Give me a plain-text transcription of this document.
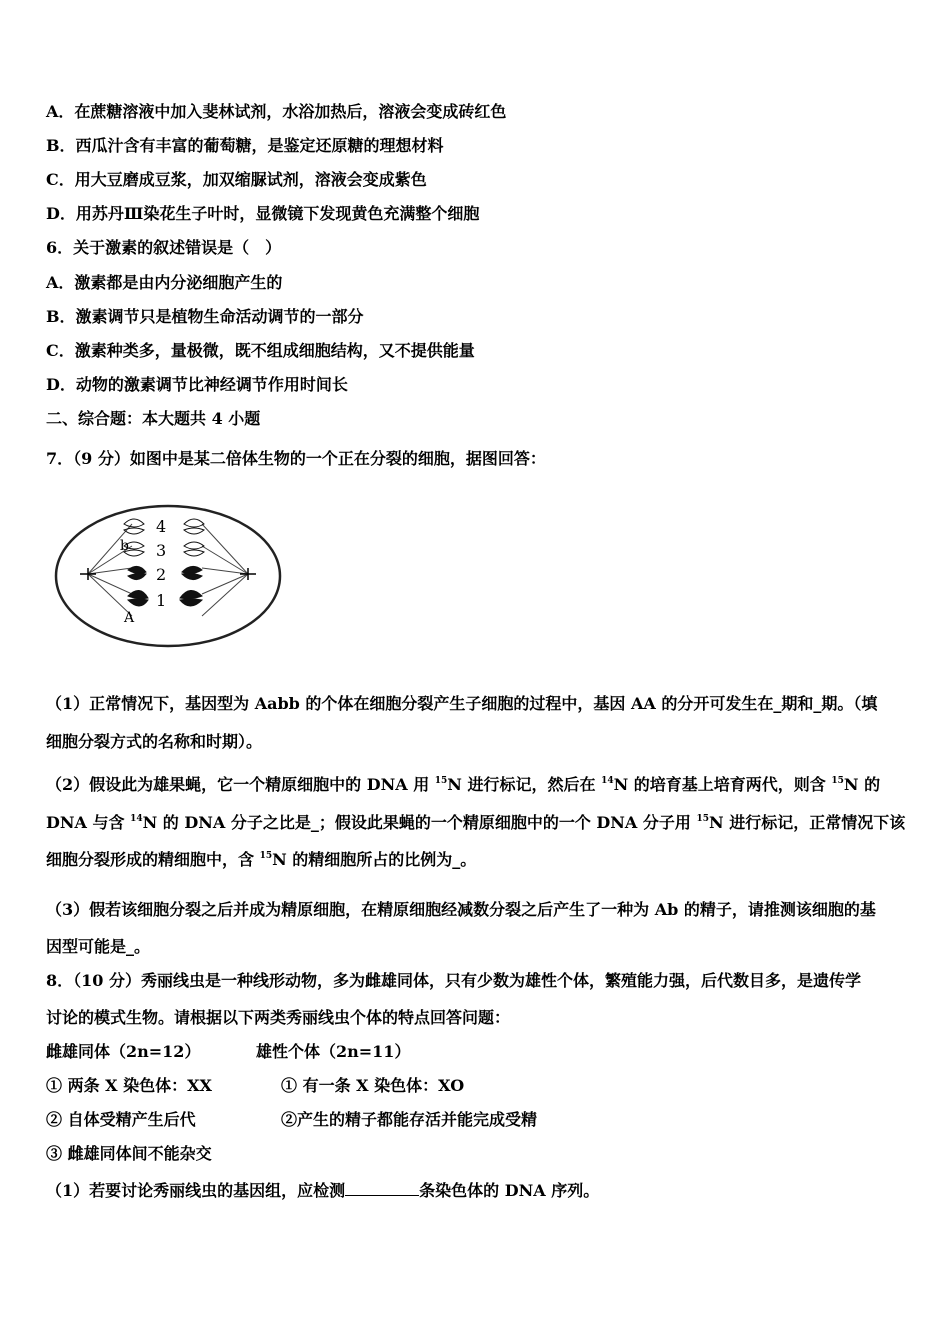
A．在蔗糖溶液中加入斐林试剂，水浴加热后，溶液会变成砖红色
B．西瓜汁含有丰富的葡萄糖，是鉴定还原糖的理想材料
C．用大豆磨成豆浆，加双缩脲试剂，溶液会变成紫色
D．用苏丹Ⅲ染花生子叶时，显微镜下发现黄色充满整个细胞
6．关于激素的叙述错误是（　）
A．激素都是由内分泌细胞产生的
B．激素调节只是植物生命活动调节的一部分
C．激素种类多，量极微，既不组成细胞结构，又不提供能量
D．动物的激素调节比神经调节作用时间长
二、综合题：本大题共 4 小题
7．（9 分）如图中是某二倍体生物的一个正在分裂的细胞，据图回答：
4
3
2
1
b
A
（1）正常情况下，基因型为 Aabb 的个体在细胞分裂产生子细胞的过程中，基因 AA 的分开可发生在_期和_期。（填
细胞分裂方式的名称和时期）。
（2）假设此为雄果蝇，它一个精原细胞中的 DNA 用 $^{15}$N 进行标记，然后在 $^{14}$N 的培育基上培育两代，则含 $^{15}$N 的
DNA 与含 $^{14}$N 的 DNA 分子之比是_；假设此果蝇的一个精原细胞中的一个 DNA 分子用 $^{15}$N 进行标记，正常情况下该
细胞分裂形成的精细胞中，含 $^{15}$N 的精细胞所占的比例为_。
（3）假若该细胞分裂之后并成为精原细胞，在精原细胞经减数分裂之后产生了一种为 Ab 的精子，请推测该细胞的基
因型可能是_。
8．（10 分）秀丽线虫是一种线形动物，多为雌雄同体，只有少数为雄性个体，繁殖能力强，后代数目多，是遗传学
讨论的模式生物。请根据以下两类秀丽线虫个体的特点回答问题：
雌雄同体（2n=12）	雄性个体（2n=11）
① 两条 X 染色体：XX	① 有一条 X 染色体：XO
② 自体受精产生后代	②产生的精子都能存活并能完成受精
③ 雌雄同体间不能杂交
（1）若要讨论秀丽线虫的基因组，应检测	条染色体的 DNA 序列。
